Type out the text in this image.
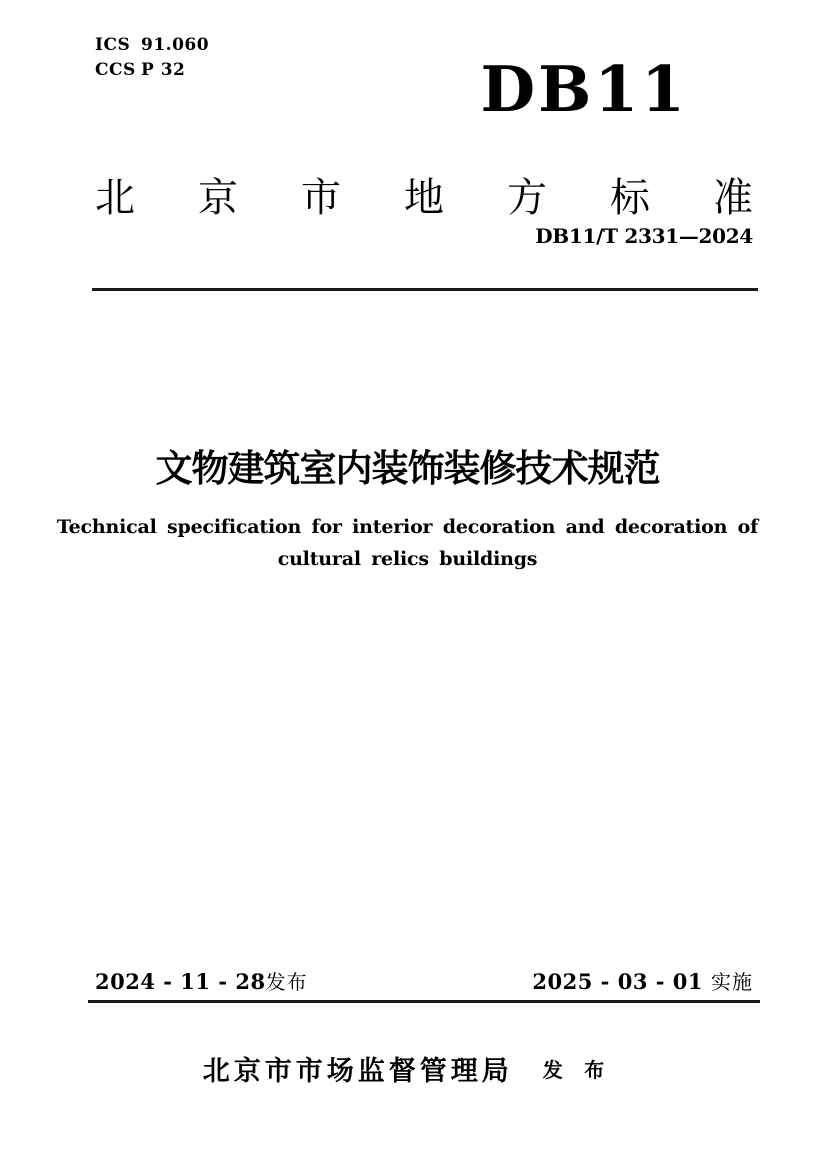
ICS 91.060
CCS P 32	DB11
北 京 市 地 方 标 准
DB11/T 2331—2024
文物建筑室内装饰装修技术规范
Technical specification for interior decoration and decoration of
cultural relics buildings
2024 - 11 - 28 发布	2025 - 03 - 01 实施
北京市市场监督管理局 发 布
